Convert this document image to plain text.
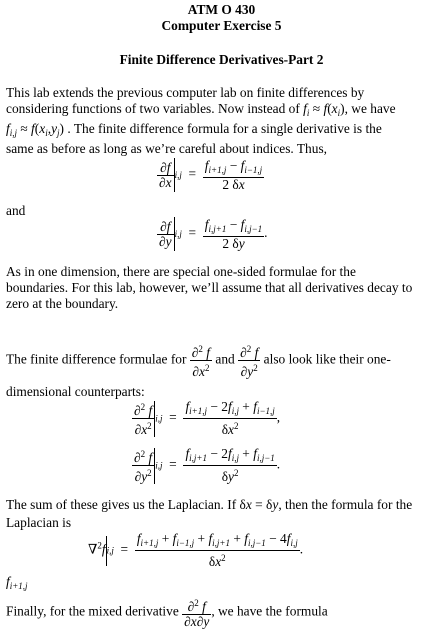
ATM O 430
Computer Exercise 5
Finite Difference Derivatives-Part 2
This lab extends the previous computer lab on finite differences by
considering functions of two variables. Now instead of $f_i \approx f(x_i)$, we have
$f_{i,j} \approx f(x_i,y_j)$ . The finite difference formula for a single derivative is the
same as before as long as we’re careful about indices. Thus,
$\frac{\partial f}{\partial x} i,j = \frac{f_{i+1,j} - f_{i-1,j}}{2 \delta x}$
and
$\frac{\partial f}{\partial y} i,j = \frac{f_{i,j+1} - f_{i,j-1}}{2 \delta y}$ .
As in one dimension, there are special one-sided formulae for the
boundaries. For this lab, however, we’ll assume that all derivatives decay to
zero at the boundary.
The finite difference formulae for $\frac{\partial^2 f}{\partial x^2}$ and $\frac{\partial^2 f}{\partial y^2}$ also look like their one-
dimensional counterparts:
$\frac{\partial^2 f}{\partial x^2} i,j = \frac{f_{i+1,j} - 2f_{i,j} + f_{i-1,j}}{\delta x^2}$ ,
$\frac{\partial^2 f}{\partial y^2} i,j = \frac{f_{i,j+1} - 2f_{i,j} + f_{i,j-1}}{\delta y^2}$ .
The sum of these gives us the Laplacian. If δx = δy, then the formula for the
Laplacian is
$\nabla^2fi,j = \frac{f_{i+1,j} + f_{i-1,j} + f_{i,j+1} + f_{i,j-1} - 4f_{i,j}}{\delta x^2}$ .
$f_{i+1,j}$
Finally, for the mixed derivative $\frac{\partial^2 f}{\partial x\partial y}$ , we have the formula
